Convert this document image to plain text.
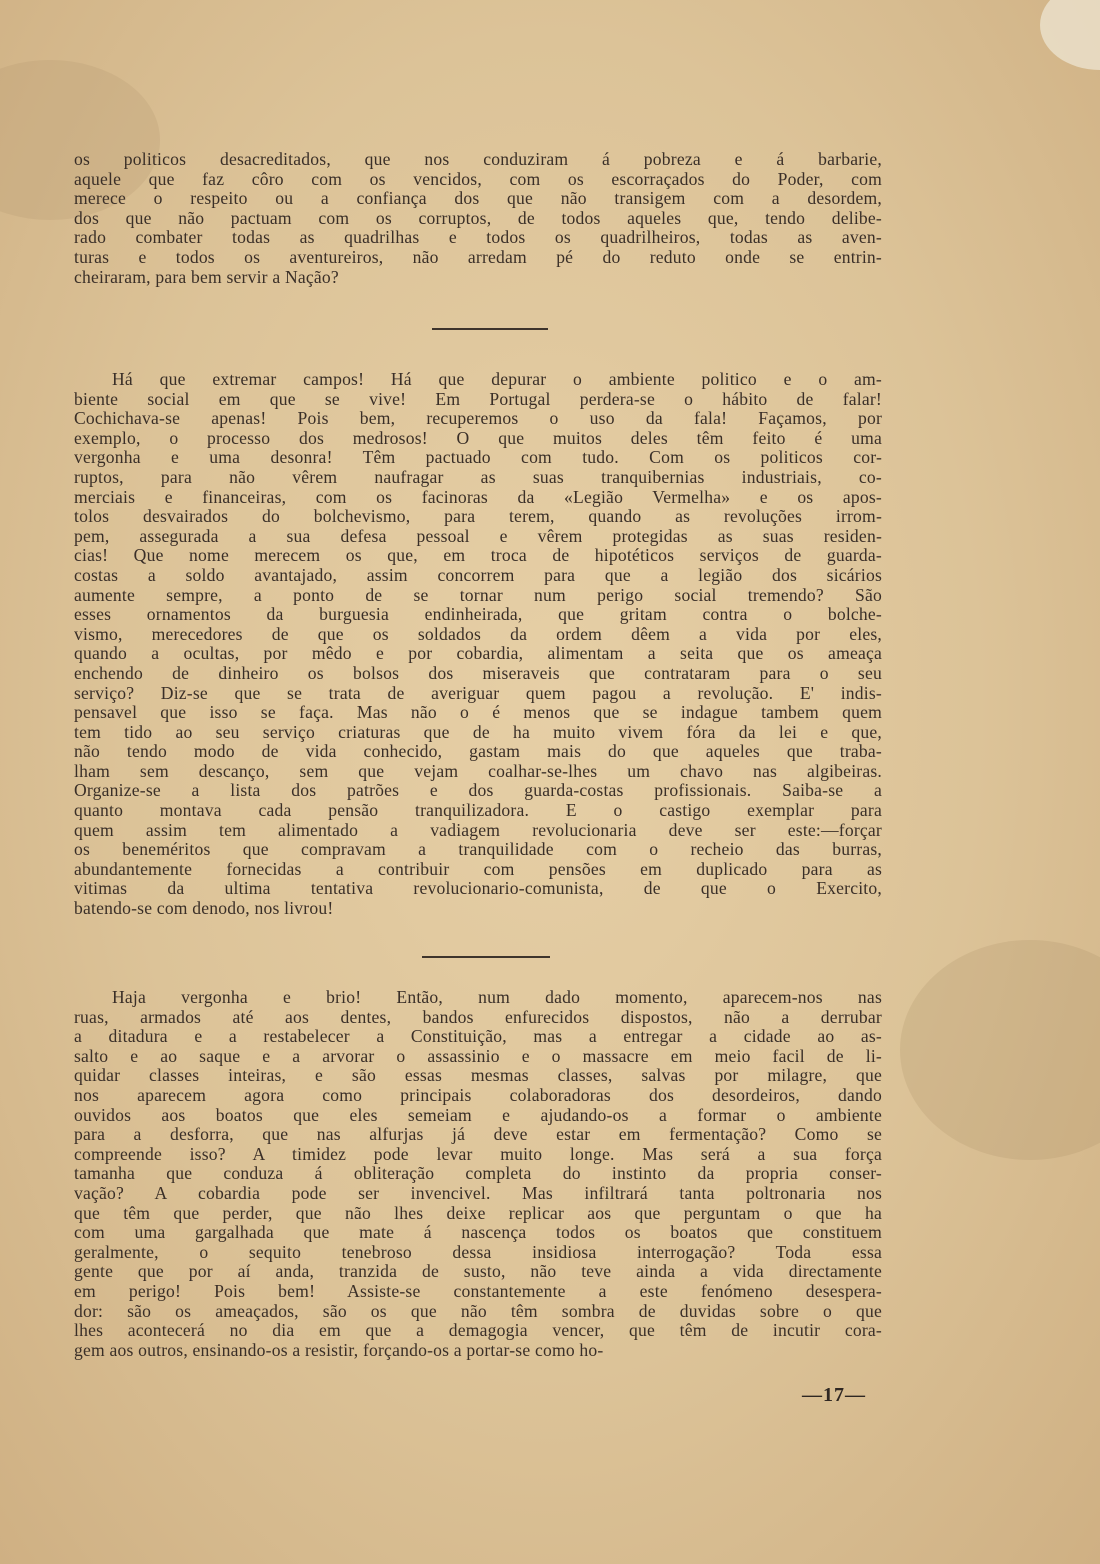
os politicos desacreditados, que nos conduziram á pobreza e á barbarie,
aquele que faz côro com os vencidos, com os escorraçados do Poder, com
merece o respeito ou a confiança dos que não transigem com a desordem,
dos que não pactuam com os corruptos, de todos aqueles que, tendo delibe-
rado combater todas as quadrilhas e todos os quadrilheiros, todas as aven-
turas e todos os aventureiros, não arredam pé do reduto onde se entrin-
cheiraram, para bem servir a Nação?
Há que extremar campos! Há que depurar o ambiente politico e o am-
biente social em que se vive! Em Portugal perdera-se o hábito de falar!
Cochichava-se apenas! Pois bem, recuperemos o uso da fala! Façamos, por
exemplo, o processo dos medrosos! O que muitos deles têm feito é uma
vergonha e uma desonra! Têm pactuado com tudo. Com os politicos cor-
ruptos, para não vêrem naufragar as suas tranquibernias industriais, co-
merciais e financeiras, com os facinoras da «Legião Vermelha» e os apos-
tolos desvairados do bolchevismo, para terem, quando as revoluções irrom-
pem, assegurada a sua defesa pessoal e vêrem protegidas as suas residen-
cias! Que nome merecem os que, em troca de hipotéticos serviços de guarda-
costas a soldo avantajado, assim concorrem para que a legião dos sicários
aumente sempre, a ponto de se tornar num perigo social tremendo? São
esses ornamentos da burguesia endinheirada, que gritam contra o bolche-
vismo, merecedores de que os soldados da ordem dêem a vida por eles,
quando a ocultas, por mêdo e por cobardia, alimentam a seita que os ameaça
enchendo de dinheiro os bolsos dos miseraveis que contrataram para o seu
serviço? Diz-se que se trata de averiguar quem pagou a revolução. E' indis-
pensavel que isso se faça. Mas não o é menos que se indague tambem quem
tem tido ao seu serviço criaturas que de ha muito vivem fóra da lei e que,
não tendo modo de vida conhecido, gastam mais do que aqueles que traba-
lham sem descanço, sem que vejam coalhar-se-lhes um chavo nas algibeiras.
Organize-se a lista dos patrões e dos guarda-costas profissionais. Saiba-se a
quanto montava cada pensão tranquilizadora. E o castigo exemplar para
quem assim tem alimentado a vadiagem revolucionaria deve ser este:—forçar
os beneméritos que compravam a tranquilidade com o recheio das burras,
abundantemente fornecidas a contribuir com pensões em duplicado para as
vitimas da ultima tentativa revolucionario-comunista, de que o Exercito,
batendo-se com denodo, nos livrou!
Haja vergonha e brio! Então, num dado momento, aparecem-nos nas
ruas, armados até aos dentes, bandos enfurecidos dispostos, não a derrubar
a ditadura e a restabelecer a Constituição, mas a entregar a cidade ao as-
salto e ao saque e a arvorar o assassinio e o massacre em meio facil de li-
quidar classes inteiras, e são essas mesmas classes, salvas por milagre, que
nos aparecem agora como principais colaboradoras dos desordeiros, dando
ouvidos aos boatos que eles semeiam e ajudando-os a formar o ambiente
para a desforra, que nas alfurjas já deve estar em fermentação? Como se
compreende isso? A timidez pode levar muito longe. Mas será a sua força
tamanha que conduza á obliteração completa do instinto da propria conser-
vação? A cobardia pode ser invencivel. Mas infiltrará tanta poltronaria nos
que têm que perder, que não lhes deixe replicar aos que perguntam o que ha
com uma gargalhada que mate á nascença todos os boatos que constituem
geralmente, o sequito tenebroso dessa insidiosa interrogação? Toda essa
gente que por aí anda, tranzida de susto, não teve ainda a vida directamente
em perigo! Pois bem! Assiste-se constantemente a este fenómeno desespera-
dor: são os ameaçados, são os que não têm sombra de duvidas sobre o que
lhes acontecerá no dia em que a demagogia vencer, que têm de incutir cora-
gem aos outros, ensinando-os a resistir, forçando-os a portar-se como ho-
—17—
